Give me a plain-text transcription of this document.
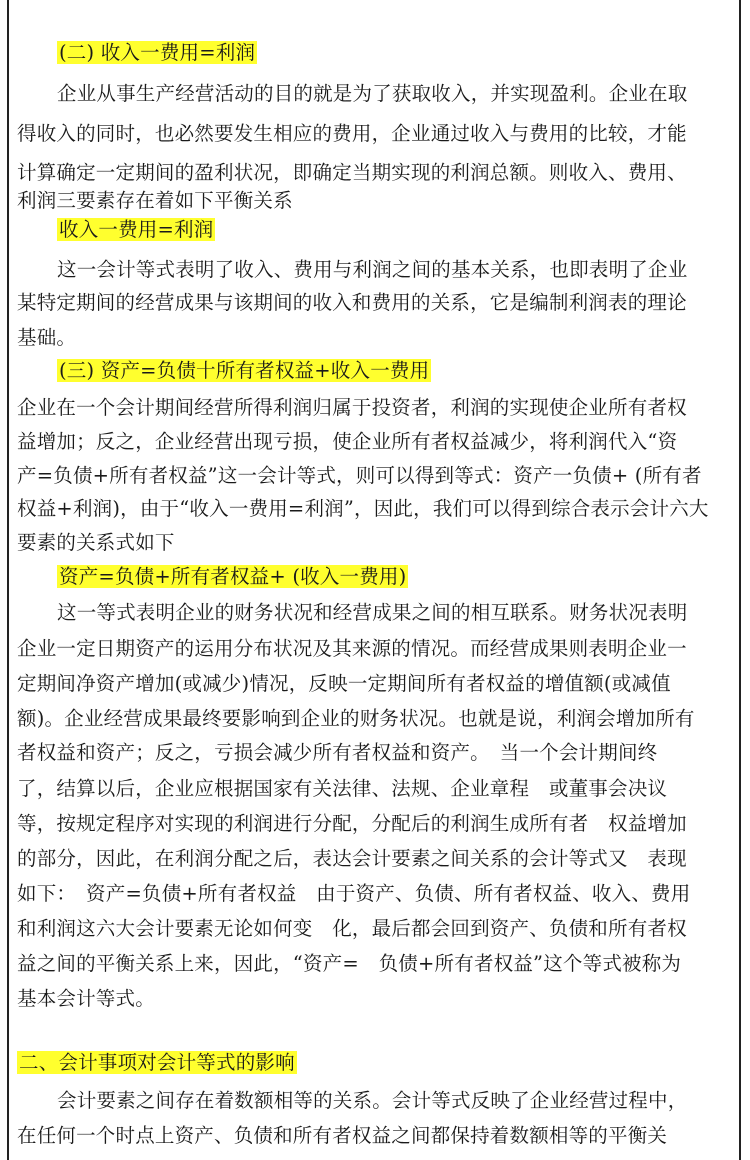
(二) 收入一费用=利润
企业从事生产经营活动的目的就是为了获取收入，并实现盈利。企业在取
得收入的同时，也必然要发生相应的费用，企业通过收入与费用的比较，才能
计算确定一定期间的盈利状况，即确定当期实现的利润总额。则收入、费用、
利润三要素存在着如下平衡关系
收入一费用=利润
这一会计等式表明了收入、费用与利润之间的基本关系，也即表明了企业
某特定期间的经营成果与该期间的收入和费用的关系，它是编制利润表的理论
基础。
(三) 资产=负债十所有者权益+收入一费用
企业在一个会计期间经营所得利润归属于投资者，利润的实现使企业所有者权
益增加；反之，企业经营出现亏损，使企业所有者权益减少，将利润代入“资
产=负债+所有者权益”这一会计等式，则可以得到等式：资产一负债+ (所有者
权益+利润)，由于“收入一费用=利润”，因此，我们可以得到综合表示会计六大
要素的关系式如下
资产=负债+所有者权益+ (收入一费用)
这一等式表明企业的财务状况和经营成果之间的相互联系。财务状况表明
企业一定日期资产的运用分布状况及其来源的情况。而经营成果则表明企业一
定期间净资产增加(或减少)情况，反映一定期间所有者权益的增值额(或减值
额)。企业经营成果最终要影响到企业的财务状况。也就是说，利润会增加所有
者权益和资产；反之，亏损会减少所有者权益和资产。　当一个会计期间终
了，结算以后，企业应根据国家有关法律、法规、企业章程　或董事会决议
等，按规定程序对实现的利润进行分配，分配后的利润生成所有者　权益增加
的部分，因此，在利润分配之后，表达会计要素之间关系的会计等式又　表现
如下：　资产=负债+所有者权益　由于资产、负债、所有者权益、收入、费用
和利润这六大会计要素无论如何变　化，最后都会回到资产、负债和所有者权
益之间的平衡关系上来，因此，“资产=　负债+所有者权益”这个等式被称为
基本会计等式。
二、会计事项对会计等式的影响
会计要素之间存在着数额相等的关系。会计等式反映了企业经营过程中，
在任何一个时点上资产、负债和所有者权益之间都保持着数额相等的平衡关
